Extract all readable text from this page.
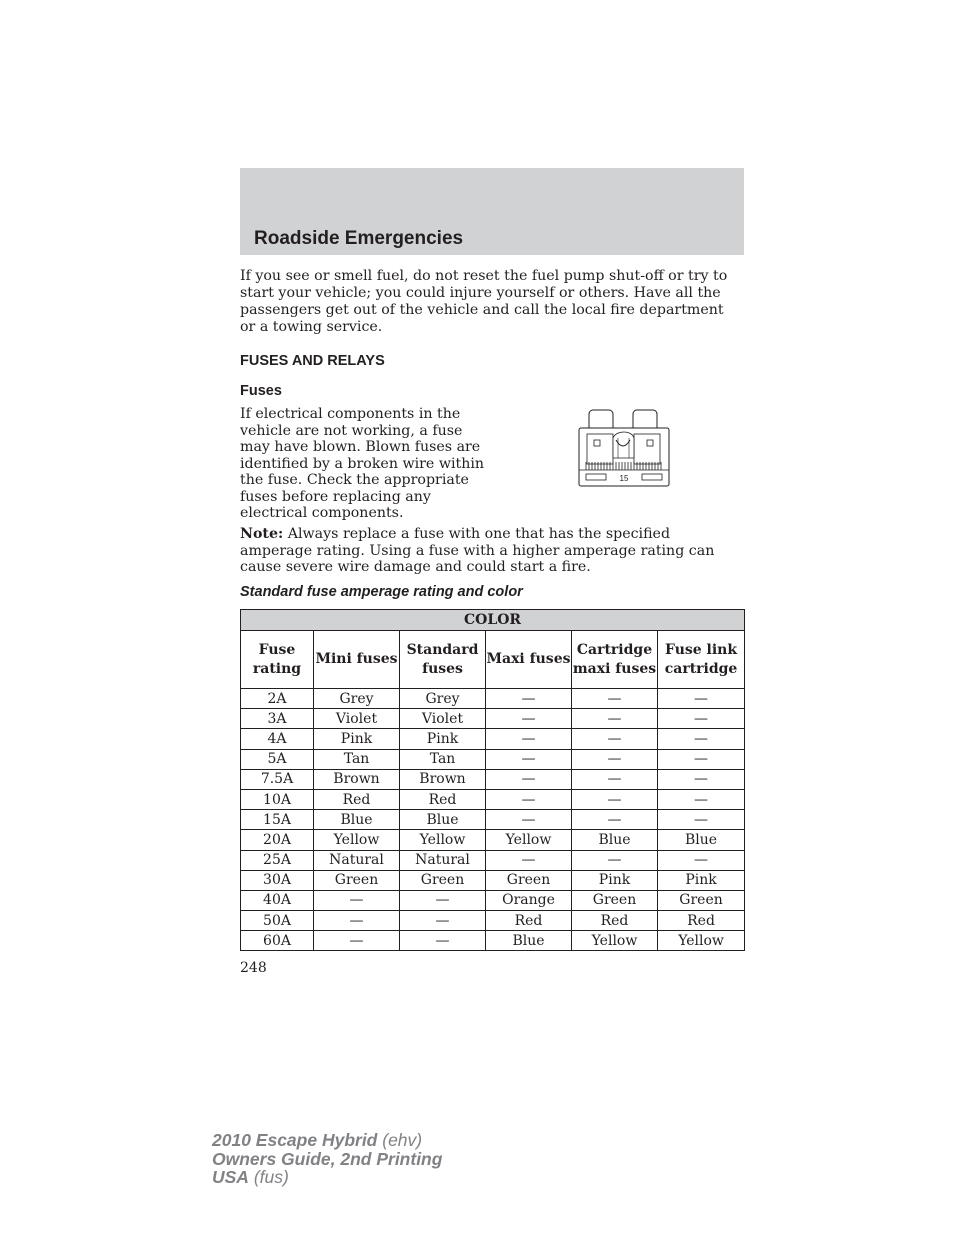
Roadside Emergencies
If you see or smell fuel, do not reset the fuel pump shut-off or try to start your vehicle; you could injure yourself or others. Have all the passengers get out of the vehicle and call the local fire department or a towing service.
FUSES AND RELAYS
Fuses
If electrical components in the vehicle are not working, a fuse may have blown. Blown fuses are identified by a broken wire within the fuse. Check the appropriate fuses before replacing any electrical components.
15
Note: Always replace a fuse with one that has the specified amperage rating. Using a fuse with a higher amperage rating can cause severe wire damage and could start a fire.
Standard fuse amperage rating and color
COLOR					
Fuse rating	Mini fuses	Standard fuses	Maxi fuses	Cartridge maxi fuses	Fuse link cartridge
2A	Grey	Grey	—	—	—
3A	Violet	Violet	—	—	—
4A	Pink	Pink	—	—	—
5A	Tan	Tan	—	—	—
7.5A	Brown	Brown	—	—	—
10A	Red	Red	—	—	—
15A	Blue	Blue	—	—	—
20A	Yellow	Yellow	Yellow	Blue	Blue
25A	Natural	Natural	—	—	—
30A	Green	Green	Green	Pink	Pink
40A	—	—	Orange	Green	Green
50A	—	—	Red	Red	Red
60A	—	—	Blue	Yellow	Yellow
248
2010 Escape Hybrid (ehv)
Owners Guide, 2nd Printing
USA (fus)
